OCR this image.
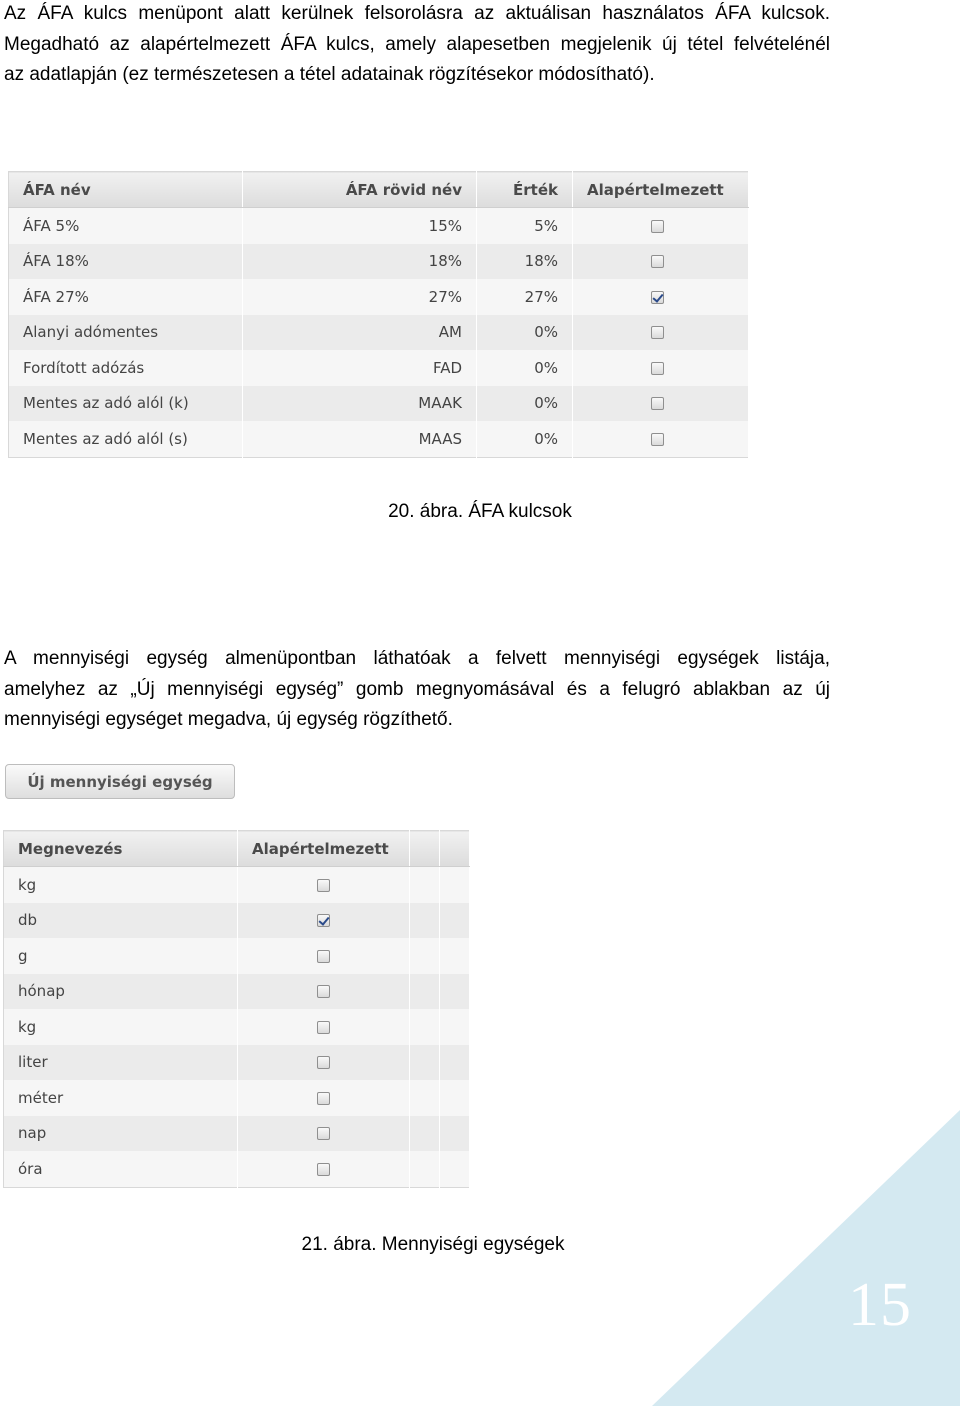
Az ÁFA kulcs menüpont alatt kerülnek felsorolásra az aktuálisan használatos ÁFA kulcsok.
Megadható az alapértelmezett ÁFA kulcs, amely alapesetben megjelenik új tétel felvételénél
az adatlapján (ez természetesen a tétel adatainak rögzítésekor módosítható).

ÁFA név	ÁFA rövid név	Érték	Alapértelmezett
ÁFA 5%	15%	5%	
ÁFA 18%	18%	18%	
ÁFA 27%	27%	27%	
Alanyi adómentes	AM	0%	
Fordított adózás	FAD	0%	
Mentes az adó alól (k)	MAAK	0%	
Mentes az adó alól (s)	MAAS	0%	

20. ábra. ÁFA kulcsok

A mennyiségi egység almenüpontban láthatóak a felvett mennyiségi egységek listája,
amelyhez az „Új mennyiségi egység” gomb megnyomásával és a felugró ablakban az új
mennyiségi egységet megadva, új egység rögzíthető.

Új mennyiségi egység
Megnevezés	Alapértelmezett		
kg			
db			
g			
hónap			
kg			
liter			
méter			
nap			
óra			

21. ábra. Mennyiségi egységek

15
